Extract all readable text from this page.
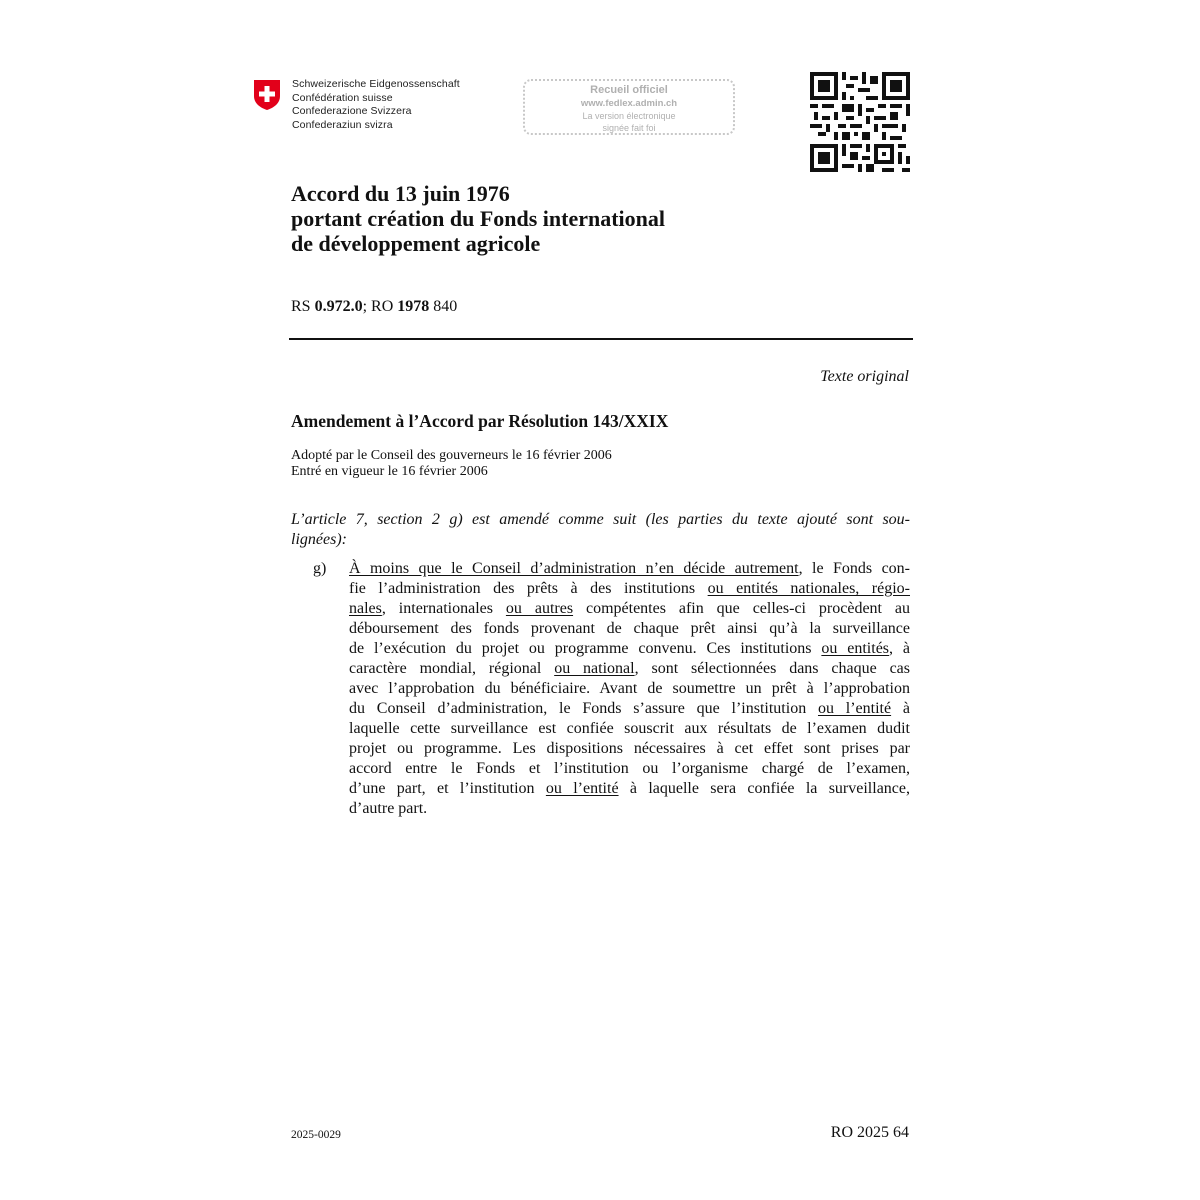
Schweizerische Eidgenossenschaft
Confédération suisse
Confederazione Svizzera
Confederaziun svizra
Recueil officiel
www.fedlex.admin.ch
La version électronique
signée fait foi
Accord du 13 juin 1976
portant création du Fonds international
de développement agricole
RS 0.972.0; RO 1978 840
Texte original
Amendement à l’Accord par Résolution 143/XXIX
Adopté par le Conseil des gouverneurs le 16 février 2006
Entré en vigueur le 16 février 2006
L’article 7, section 2 g) est amendé comme suit (les parties du texte ajouté sont sou-
lignées):
g) À moins que le Conseil d’administration n’en décide autrement, le Fonds con-
fie l’administration des prêts à des institutions ou entités nationales, régio-
nales, internationales ou autres compétentes afin que celles-ci procèdent au
déboursement des fonds provenant de chaque prêt ainsi qu’à la surveillance
de l’exécution du projet ou programme convenu. Ces institutions ou entités, à
caractère mondial, régional ou national, sont sélectionnées dans chaque cas
avec l’approbation du bénéficiaire. Avant de soumettre un prêt à l’approbation
du Conseil d’administration, le Fonds s’assure que l’institution ou l’entité à
laquelle cette surveillance est confiée souscrit aux résultats de l’examen dudit
projet ou programme. Les dispositions nécessaires à cet effet sont prises par
accord entre le Fonds et l’institution ou l’organisme chargé de l’examen,
d’une part, et l’institution ou l’entité à laquelle sera confiée la surveillance,
d’autre part.
2025-0029	RO 2025 64
